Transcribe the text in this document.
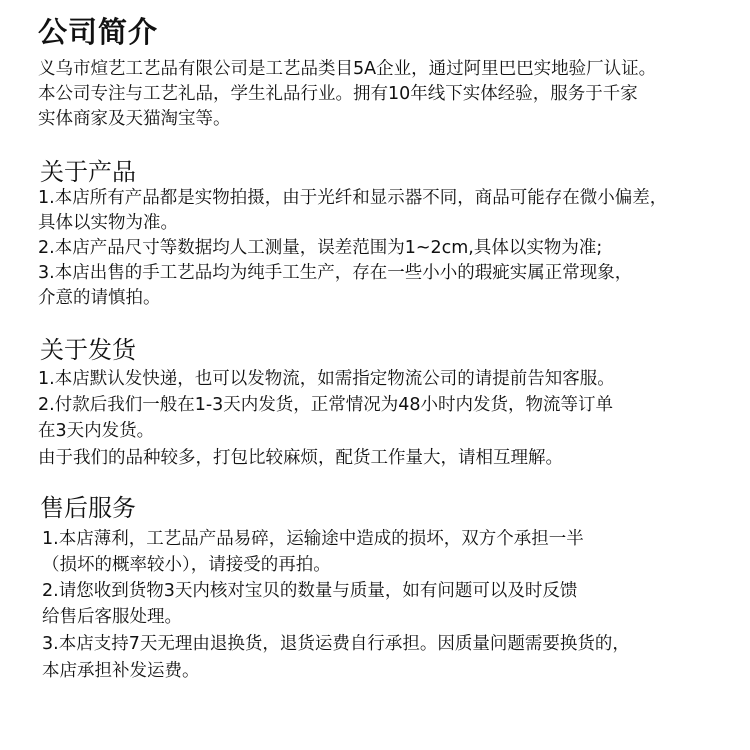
公司简介
义乌市煊艺工艺品有限公司是工艺品类目5A企业，通过阿里巴巴实地验厂认证。
本公司专注与工艺礼品，学生礼品行业。拥有10年线下实体经验，服务于千家
实体商家及天猫淘宝等。
关于产品
1.本店所有产品都是实物拍摄，由于光纤和显示器不同，商品可能存在微小偏差，
具体以实物为准。
2.本店产品尺寸等数据均人工测量，误差范围为1~2cm,具体以实物为准;
3.本店出售的手工艺品均为纯手工生产，存在一些小小的瑕疵实属正常现象，
介意的请慎拍。
关于发货
1.本店默认发快递，也可以发物流，如需指定物流公司的请提前告知客服。
2.付款后我们一般在1-3天内发货，正常情况为48小时内发货，物流等订单
在3天内发货。
由于我们的品种较多，打包比较麻烦，配货工作量大，请相互理解。
售后服务
1.本店薄利，工艺品产品易碎，运输途中造成的损坏，双方个承担一半
（损坏的概率较小），请接受的再拍。
2.请您收到货物3天内核对宝贝的数量与质量，如有问题可以及时反馈
给售后客服处理。
3.本店支持7天无理由退换货，退货运费自行承担。因质量问题需要换货的，
本店承担补发运费。
